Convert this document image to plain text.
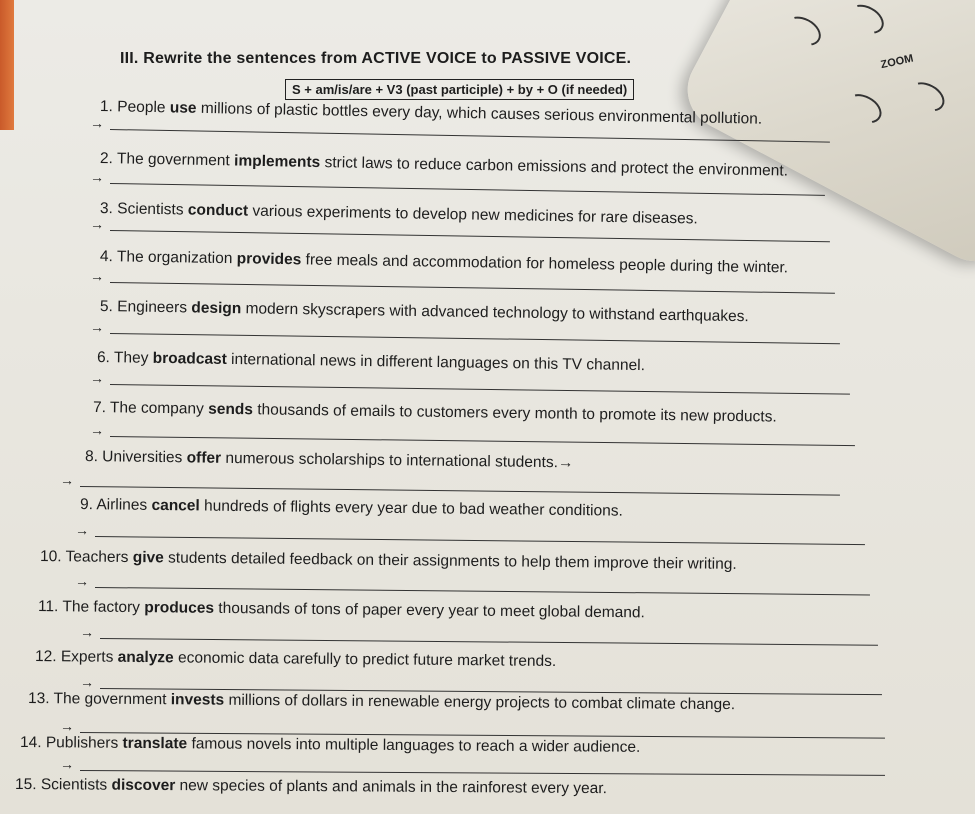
ZOOM
III. Rewrite the sentences from ACTIVE VOICE to PASSIVE VOICE.
S + am/is/are + V3 (past participle) + by + O (if needed)
1. People use millions of plastic bottles every day, which causes serious environmental pollution.
→
2. The government implements strict laws to reduce carbon emissions and protect the environment.
→
3. Scientists conduct various experiments to develop new medicines for rare diseases.
→
4. The organization provides free meals and accommodation for homeless people during the winter.
→
5. Engineers design modern skyscrapers with advanced technology to withstand earthquakes.
→
6. They broadcast international news in different languages on this TV channel.
→
7. The company sends thousands of emails to customers every month to promote its new products.
→
8. Universities offer numerous scholarships to international students.→
→
9. Airlines cancel hundreds of flights every year due to bad weather conditions.
→
10. Teachers give students detailed feedback on their assignments to help them improve their writing.
→
11. The factory produces thousands of tons of paper every year to meet global demand.
→
12. Experts analyze economic data carefully to predict future market trends.
→
13. The government invests millions of dollars in renewable energy projects to combat climate change.
→
14. Publishers translate famous novels into multiple languages to reach a wider audience.
→
15. Scientists discover new species of plants and animals in the rainforest every year.
